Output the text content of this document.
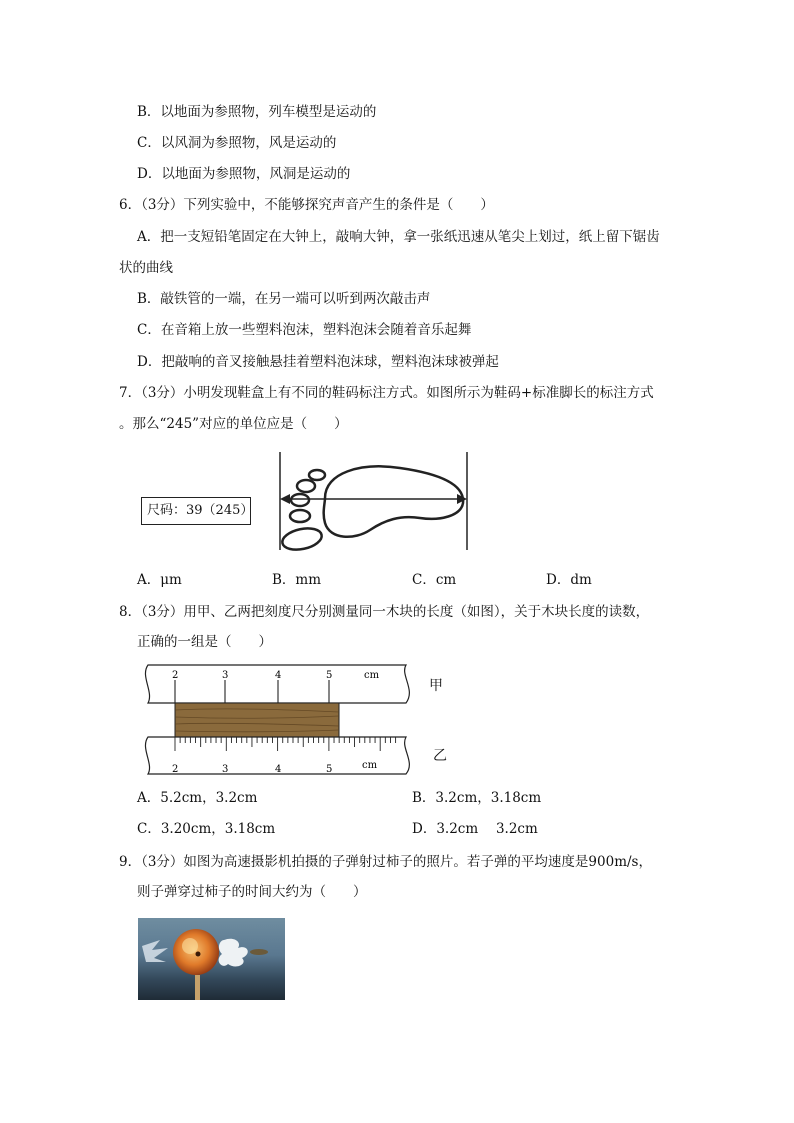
B．以地面为参照物，列车模型是运动的
C．以风洞为参照物，风是运动的
D．以地面为参照物，风洞是运动的
6．（3分）下列实验中，不能够探究声音产生的条件是（　　）
A．把一支短铅笔固定在大钟上，敲响大钟，拿一张纸迅速从笔尖上划过，纸上留下锯齿
状的曲线
B．敲铁管的一端，在另一端可以听到两次敲击声
C．在音箱上放一些塑料泡沫，塑料泡沫会随着音乐起舞
D．把敲响的音叉接触悬挂着塑料泡沫球，塑料泡沫球被弹起
7．（3分）小明发现鞋盒上有不同的鞋码标注方式。如图所示为鞋码+标准脚长的标注方式
。那么“245”对应的单位应是（　　）
尺码：39（245）
A．μm	B．mm	C．cm	D．dm
8．（3分）用甲、乙两把刻度尺分别测量同一木块的长度（如图），关于木块长度的读数，
正确的一组是（　　）
2	3	4	5	cm
2	3	4	5	cm
甲
乙
A．5.2cm，3.2cm	B．3.2cm，3.18cm
C．3.20cm，3.18cm	D．3.2cm　 3.2cm
9．（3分）如图为高速摄影机拍摄的子弹射过柿子的照片。若子弹的平均速度是900m/s，
则子弹穿过柿子的时间大约为（　　）
